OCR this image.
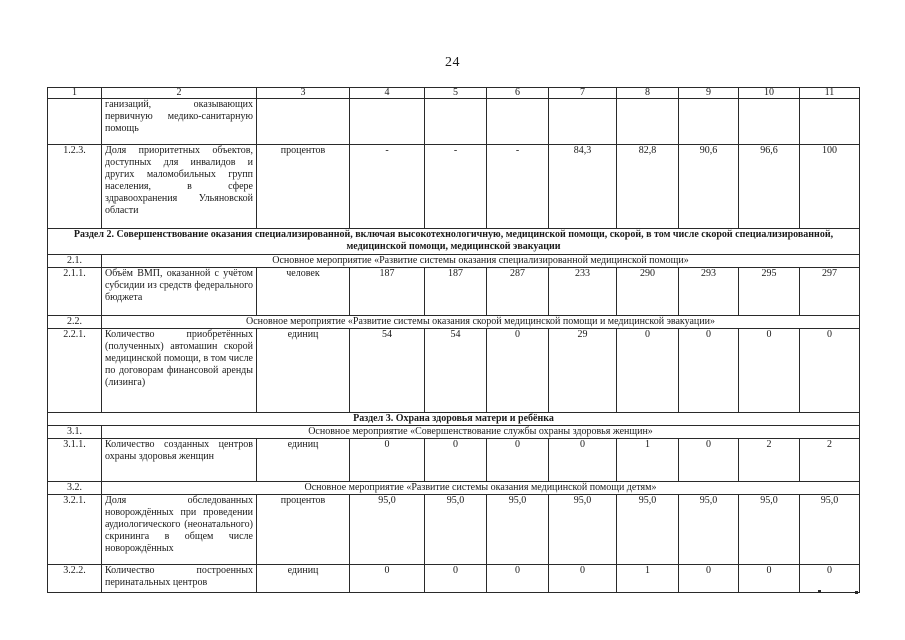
24
1	2	3	4	5	6	7	8	9	10	11
	ганизаций, оказывающих первичную медико-санитарную помощь									
1.2.3.	Доля приоритетных объектов, доступных для инвалидов и других маломобильных групп населения, в сфере здравоохранения Ульяновской области	процентов	-	-	-	84,3	82,8	90,6	96,6	100
Раздел 2. Совершенствование оказания специализированной, включая высокотехнологичную, медицинской помощи, скорой, в том числе скорой специализированной, медицинской помощи, медицинской эвакуации										
2.1.	Основное мероприятие «Развитие системы оказания специализированной медицинской помощи»									
2.1.1.	Объём ВМП, оказанной с учётом субсидии из средств федерального бюджета	человек	187	187	287	233	290	293	295	297
2.2.	Основное мероприятие «Развитие системы оказания скорой медицинской помощи и медицинской эвакуации»									
2.2.1.	Количество приобретённых (полученных) автомашин скорой медицинской помощи, в том числе по договорам финансовой аренды (лизинга)	единиц	54	54	0	29	0	0	0	0
Раздел 3. Охрана здоровья матери и ребёнка										
3.1.	Основное мероприятие «Совершенствование службы охраны здоровья женщин»									
3.1.1.	Количество созданных центров охраны здоровья женщин	единиц	0	0	0	0	1	0	2	2
3.2.	Основное мероприятие «Развитие системы оказания медицинской помощи детям»									
3.2.1.	Доля обследованных новорождённых при проведении аудиологического (неонатального) скрининга в общем числе новорождённых	процентов	95,0	95,0	95,0	95,0	95,0	95,0	95,0	95,0
3.2.2.	Количество построенных перинатальных центров	единиц	0	0	0	0	1	0	0	0
